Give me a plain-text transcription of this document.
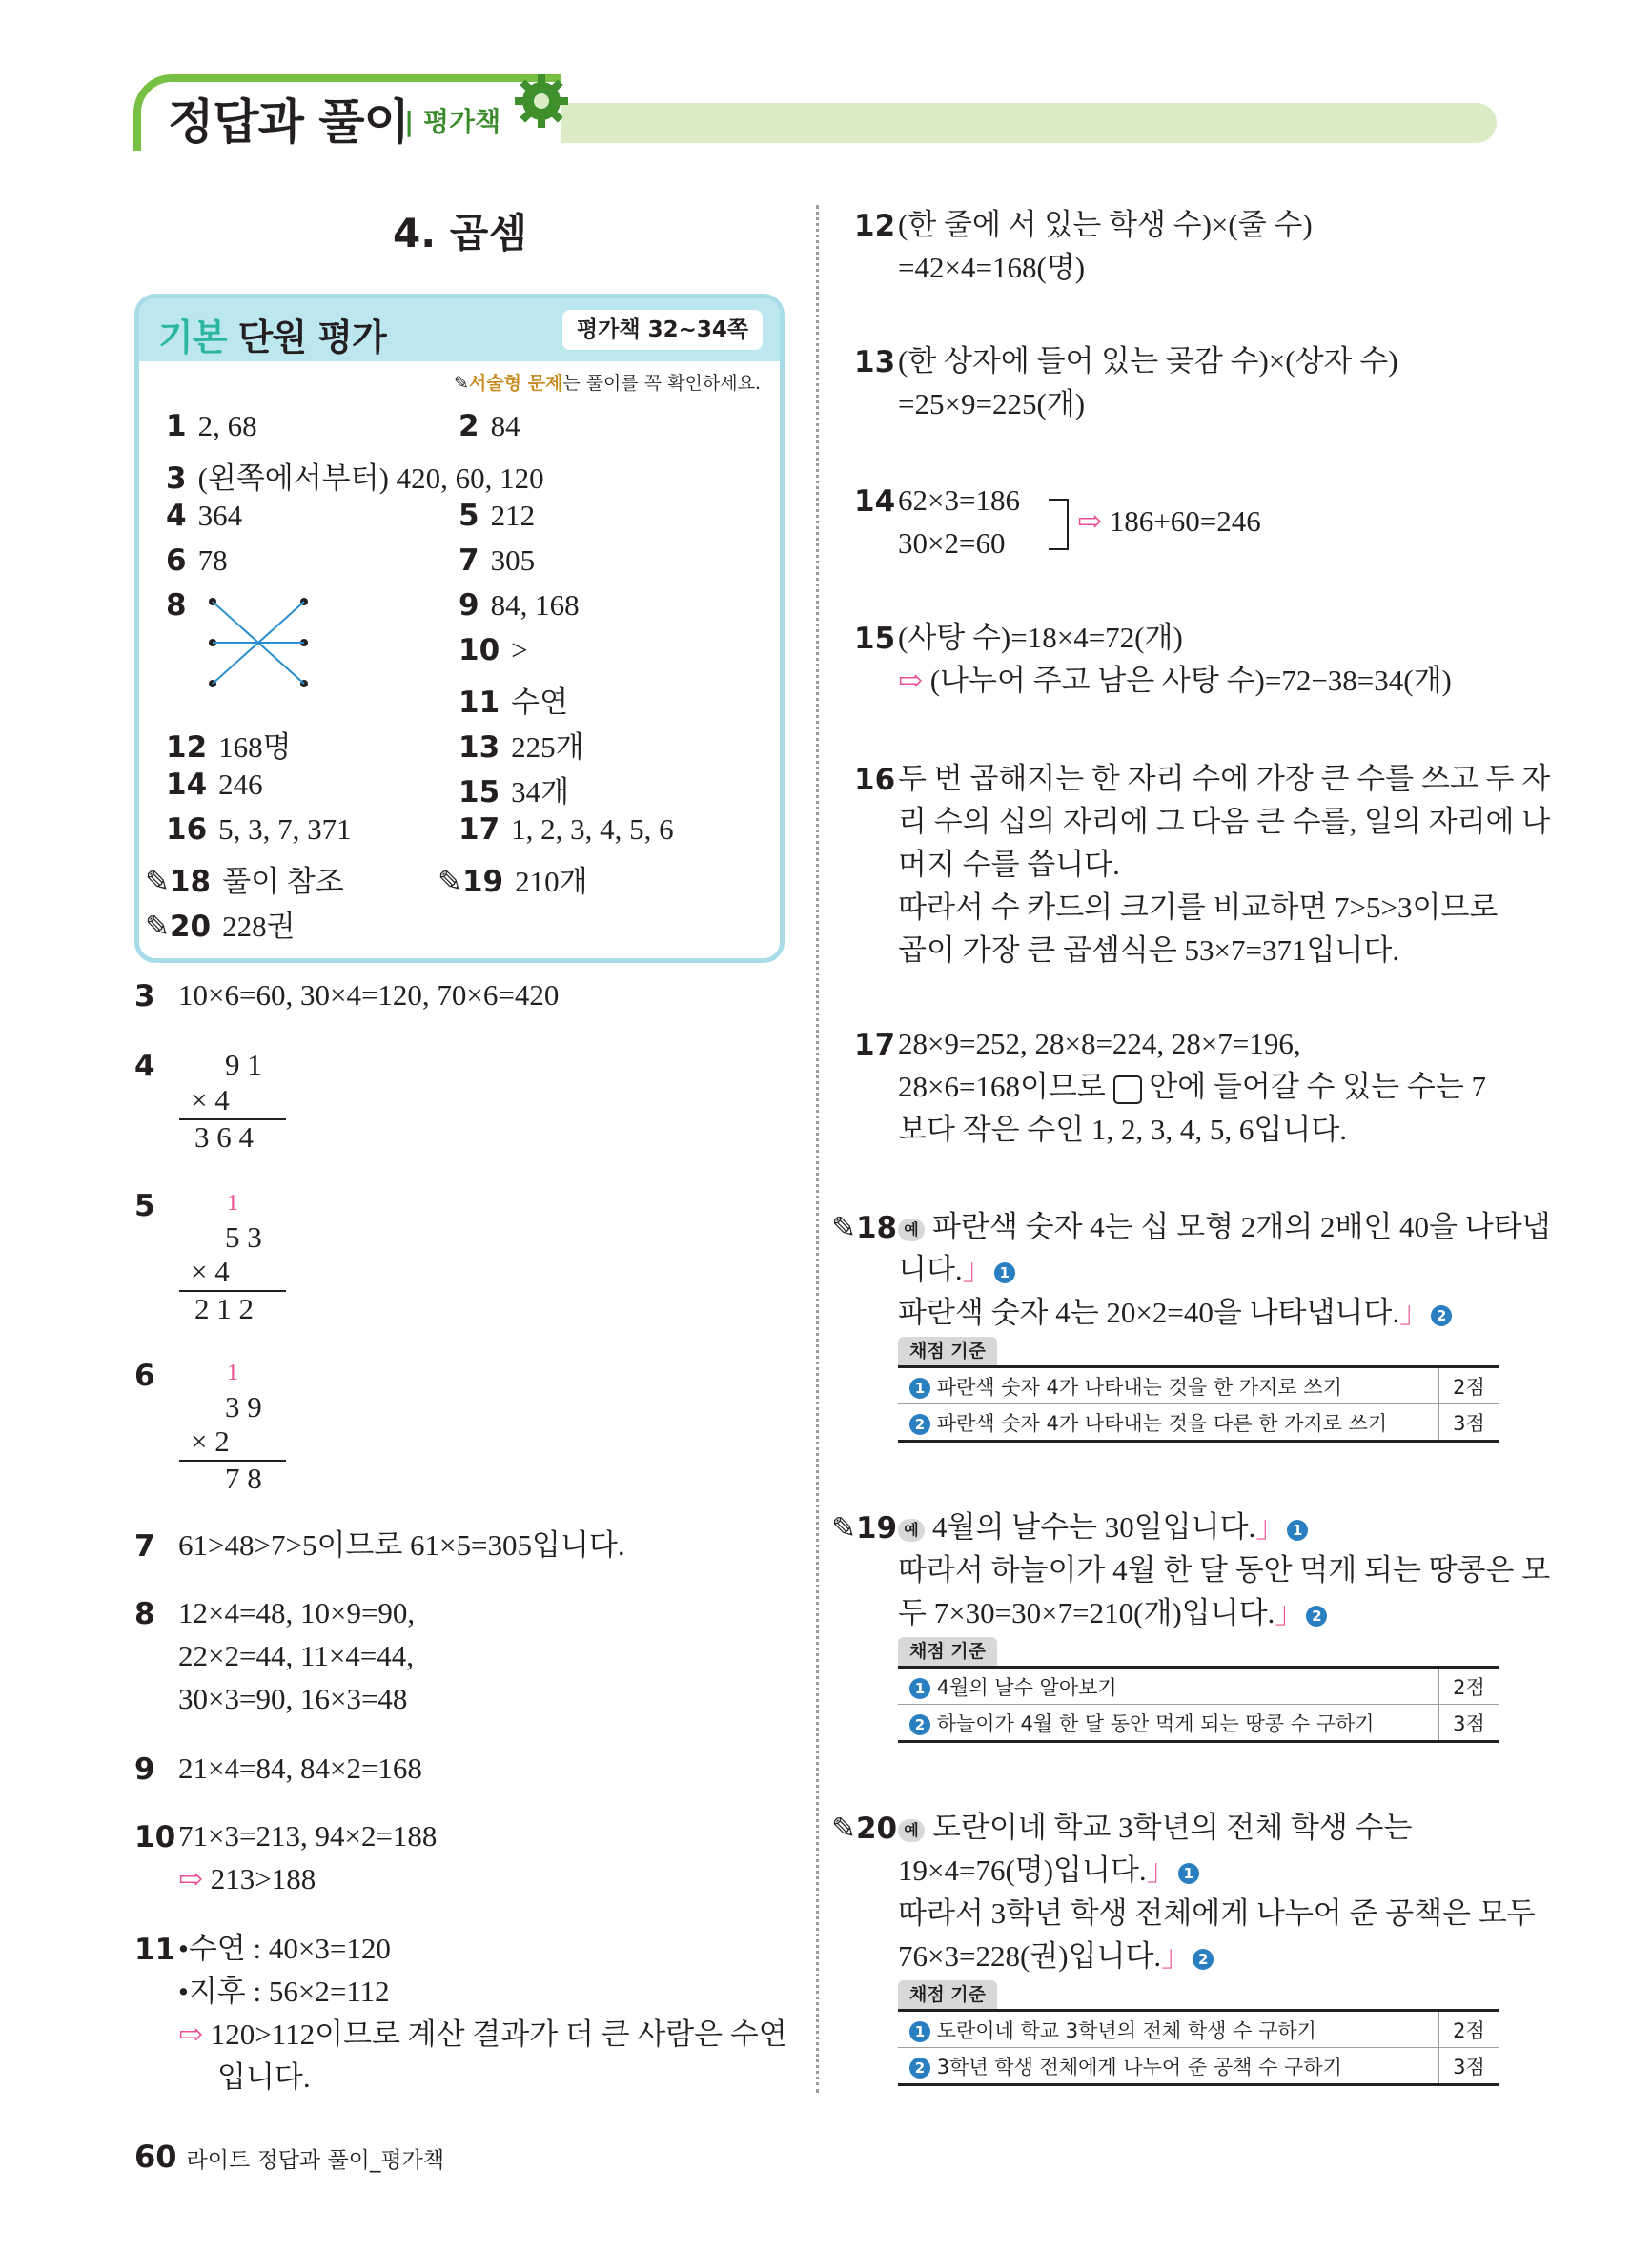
정답과 풀이
| 평가책
4. 곱셈
기본 단원 평가	평가책 32~34쪽
✎서술형 문제는 풀이를 꼭 확인하세요.
1 2, 68	2 84
3 (왼쪽에서부터) 420, 60, 120
4 364	5 212
6 78	7 305
8	9 84, 168
10 >
11 수연
12 168명	13 225개
14 246	15 34개
16 5, 3, 7, 371	17 1, 2, 3, 4, 5, 6
✎18 풀이 참조	✎19 210개
✎20 228권
3 10×6=60, 30×4=120, 70×6=420
4 9 1
× 4
3 6 4
5	1
5 3
× 4
2 1 2
6	1
3 9
× 2
7 8
7 61>48>7>5이므로 61×5=305입니다.
8 12×4=48, 10×9=90,
22×2=44, 11×4=44,
30×3=90, 16×3=48
9 21×4=84, 84×2=168
10 71×3=213, 94×2=188
⇨ 213>188
11 •수연 : 40×3=120
•지후 : 56×2=112
⇨ 120>112이므로 계산 결과가 더 큰 사람은 수연
입니다.
12 (한 줄에 서 있는 학생 수)×(줄 수)
=42×4=168(명)
13 (한 상자에 들어 있는 곶감 수)×(상자 수)
=25×9=225(개)
14 62×3=186
30×2=60
⇨ 186+60=246
15 (사탕 수)=18×4=72(개)
⇨ (나누어 주고 남은 사탕 수)=72−38=34(개)
16 두 번 곱해지는 한 자리 수에 가장 큰 수를 쓰고 두 자
리 수의 십의 자리에 그 다음 큰 수를, 일의 자리에 나
머지 수를 씁니다.
따라서 수 카드의 크기를 비교하면 7>5>3이므로
곱이 가장 큰 곱셈식은 53×7=371입니다.
17 28×9=252, 28×8=224, 28×7=196,
28×6=168이므로 안에 들어갈 수 있는 수는 7
보다 작은 수인 1, 2, 3, 4, 5, 6입니다.
✎18 예 파란색 숫자 4는 십 모형 2개의 2배인 40을 나타냅
니다.」 1
파란색 숫자 4는 20×2=40을 나타냅니다.」 2
채점 기준
1 파란색 숫자 4가 나타내는 것을 한 가지로 쓰기	2점
2 파란색 숫자 4가 나타내는 것을 다른 한 가지로 쓰기	3점
✎19 예 4월의 날수는 30일입니다.」 1
따라서 하늘이가 4월 한 달 동안 먹게 되는 땅콩은 모
두 7×30=30×7=210(개)입니다.」 2
채점 기준
1 4월의 날수 알아보기	2점
2 하늘이가 4월 한 달 동안 먹게 되는 땅콩 수 구하기	3점
✎20 예 도란이네 학교 3학년의 전체 학생 수는
19×4=76(명)입니다.」 1
따라서 3학년 학생 전체에게 나누어 준 공책은 모두
76×3=228(권)입니다.」 2
채점 기준
1 도란이네 학교 3학년의 전체 학생 수 구하기	2점
2 3학년 학생 전체에게 나누어 준 공책 수 구하기	3점
60 라이트 정답과 풀이_평가책
